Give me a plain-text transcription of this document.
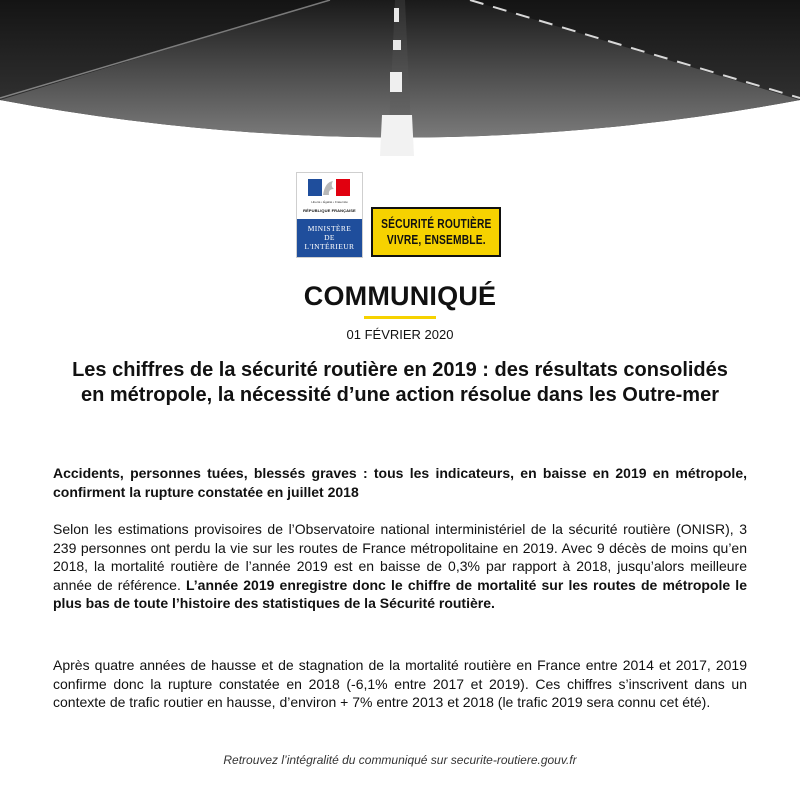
Liberté • Égalité • Fraternité
RÉPUBLIQUE FRANÇAISE
MINISTÈRE
DE
L'INTÉRIEUR
SÉCURITÉ ROUTIÈRE
VIVRE, ENSEMBLE.
COMMUNIQUÉ
01 FÉVRIER 2020
Les chiffres de la sécurité routière en 2019 : des résultats consolidés en métropole, la nécessité d’une action résolue dans les Outre-mer
Accidents, personnes tuées, blessés graves : tous les indicateurs, en baisse en 2019 en métropole, confirment la rupture constatée en juillet 2018
Selon les estimations provisoires de l’Observatoire national interministériel de la sécurité routière (ONISR), 3 239 personnes ont perdu la vie sur les routes de France métropolitaine en 2019. Avec 9 décès de moins qu’en 2018, la mortalité routière de l’année 2019 est en baisse de 0,3% par rapport à 2018, jusqu’alors meilleure année de référence. L’année 2019 enregistre donc le chiffre de mortalité sur les routes de métropole le plus bas de toute l’histoire des statistiques de la Sécurité routière.
Après quatre années de hausse et de stagnation de la mortalité routière en France entre 2014 et 2017, 2019 confirme donc la rupture constatée en 2018 (-6,1% entre 2017 et 2019). Ces chiffres s’inscrivent dans un contexte de trafic routier en hausse, d’environ + 7% entre 2013 et 2018 (le trafic 2019 sera connu cet été).
Retrouvez l’intégralité du communiqué sur securite-routiere.gouv.fr
